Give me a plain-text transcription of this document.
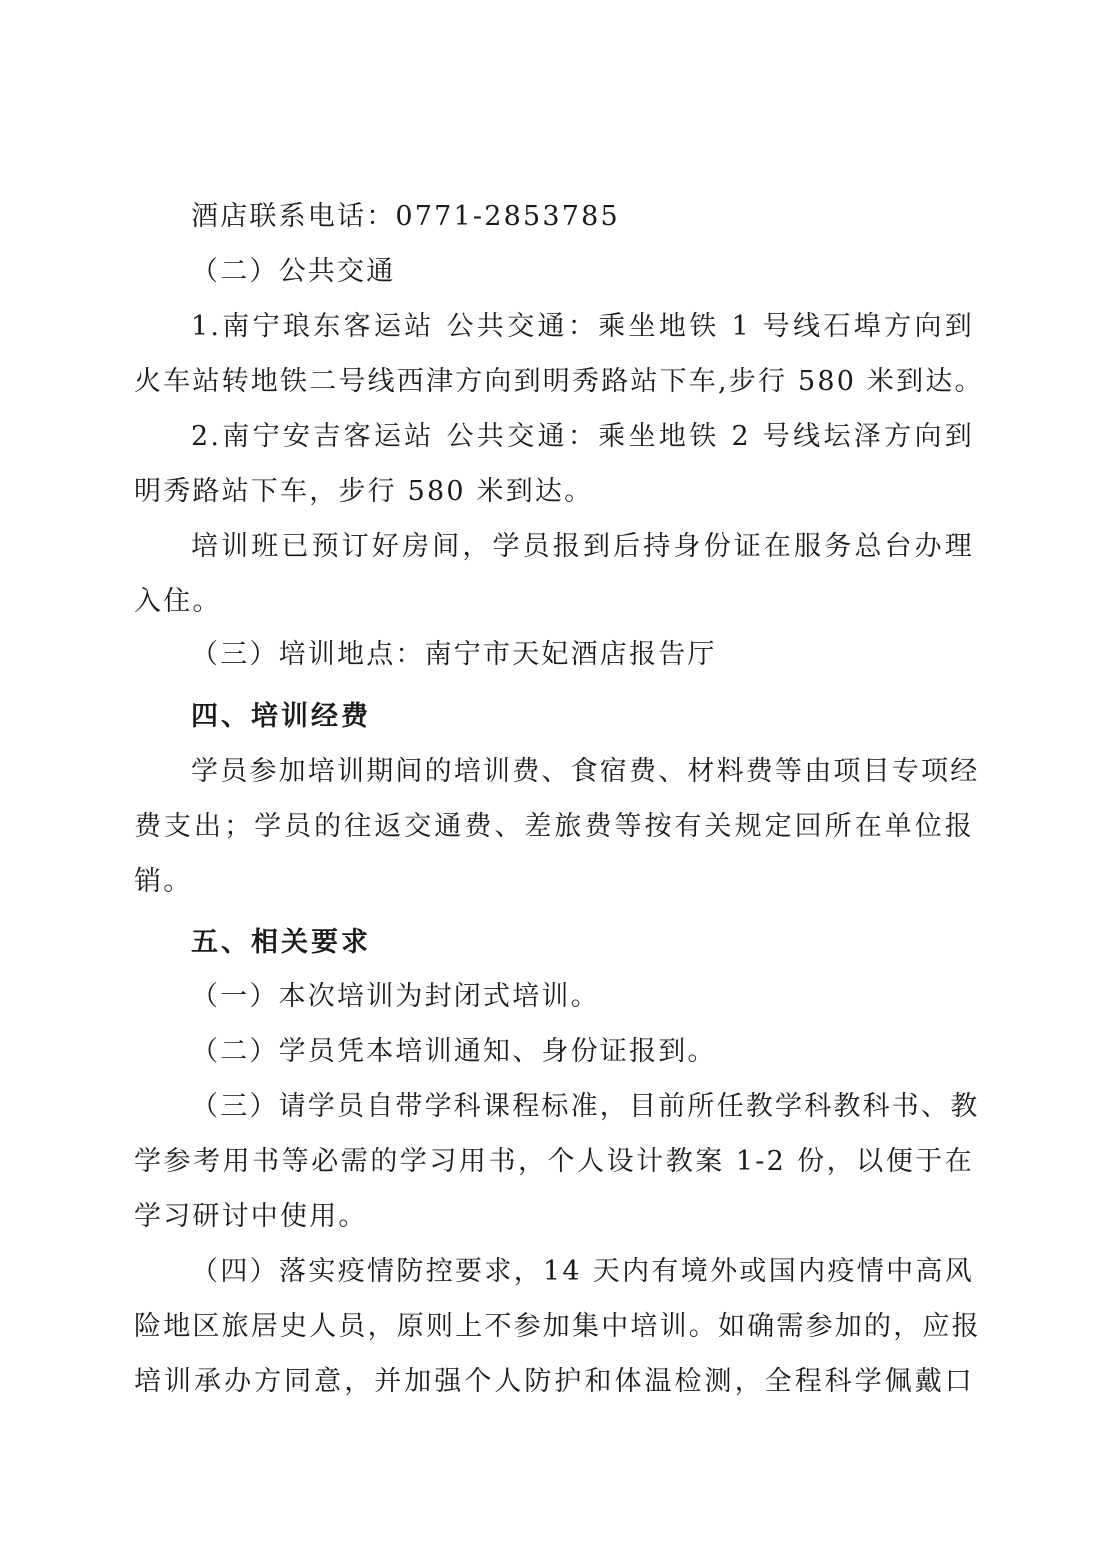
酒店联系电话：0771-2853785
（二）公共交通
1.南宁琅东客运站 公共交通：乘坐地铁 1 号线石埠方向到
火车站转地铁二号线西津方向到明秀路站下车,步行 580 米到达。
2.南宁安吉客运站 公共交通：乘坐地铁 2 号线坛泽方向到
明秀路站下车，步行 580 米到达。
培训班已预订好房间，学员报到后持身份证在服务总台办理
入住。
（三）培训地点：南宁市天妃酒店报告厅
四、培训经费
学员参加培训期间的培训费、食宿费、材料费等由项目专项经
费支出；学员的往返交通费、差旅费等按有关规定回所在单位报
销。
五、相关要求
（一）本次培训为封闭式培训。
（二）学员凭本培训通知、身份证报到。
（三）请学员自带学科课程标准，目前所任教学科教科书、教
学参考用书等必需的学习用书，个人设计教案 1-2 份，以便于在
学习研讨中使用。
（四）落实疫情防控要求，14 天内有境外或国内疫情中高风
险地区旅居史人员，原则上不参加集中培训。如确需参加的，应报
培训承办方同意，并加强个人防护和体温检测，全程科学佩戴口
